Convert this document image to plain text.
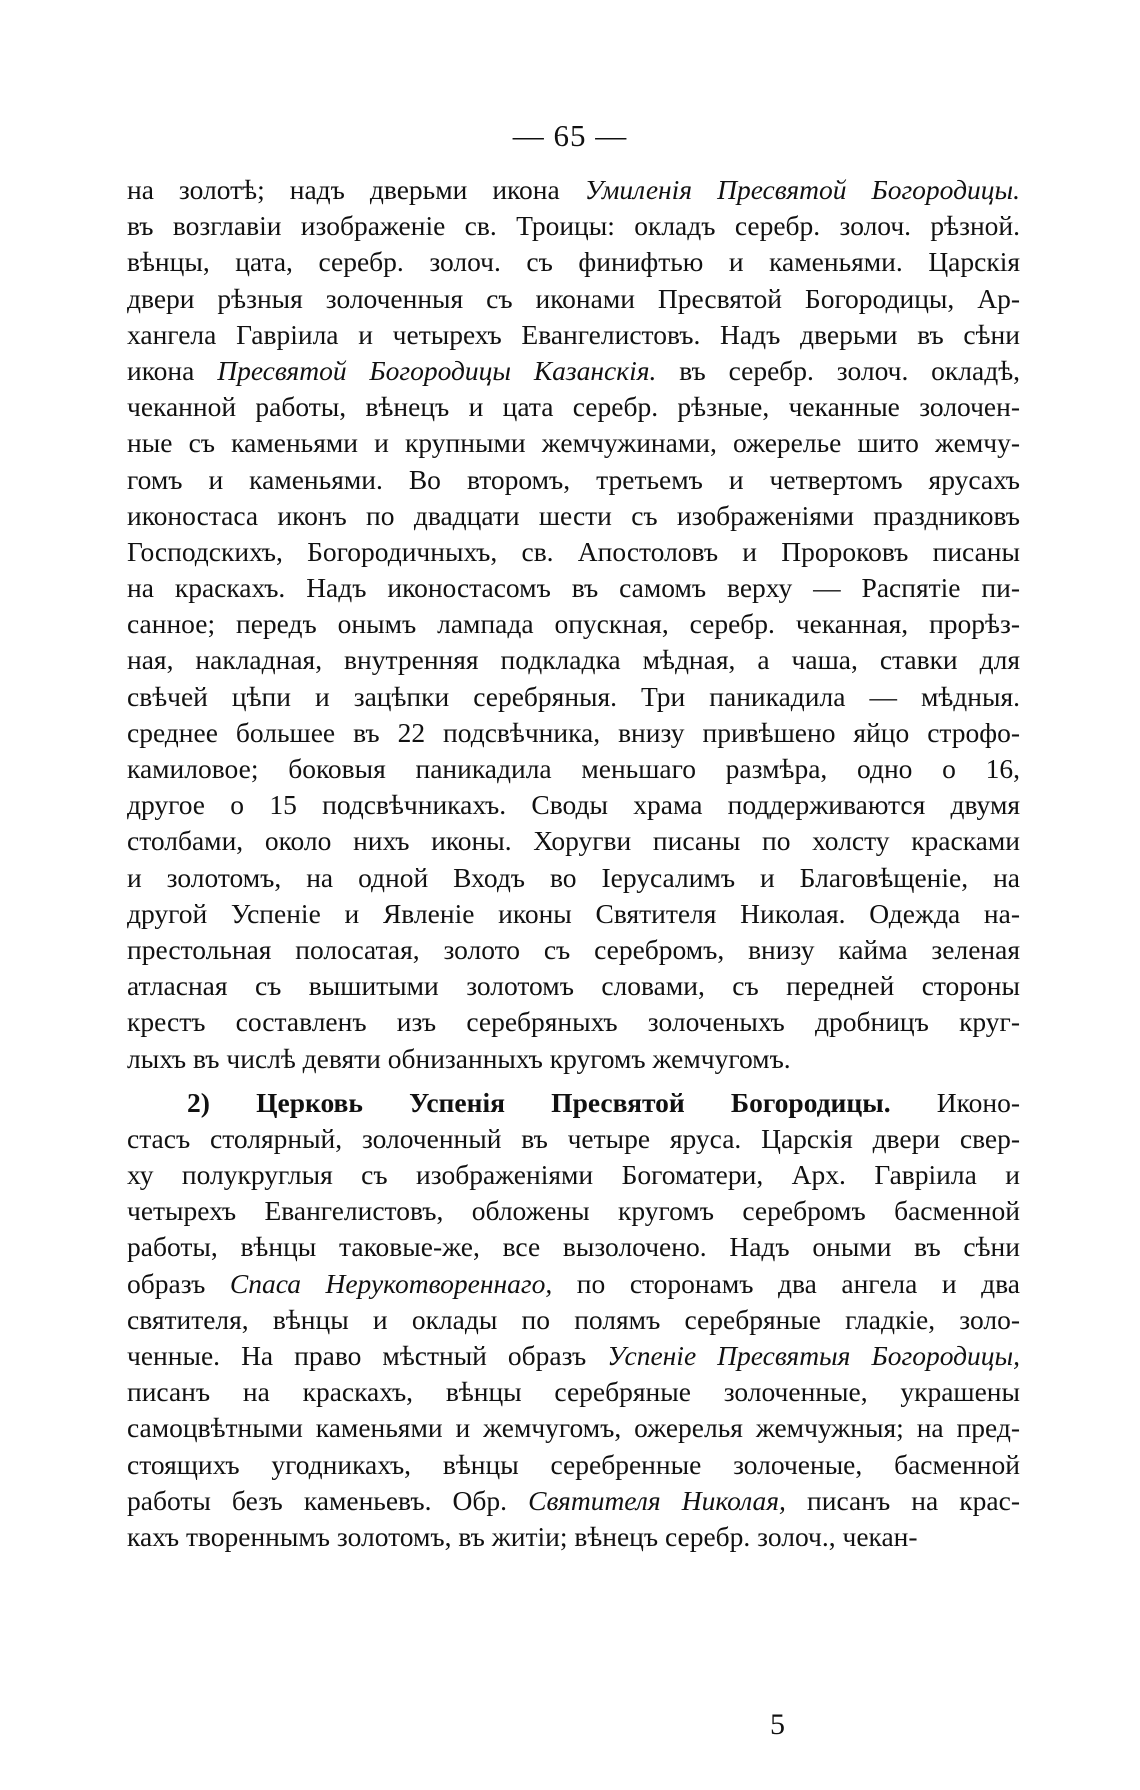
— 65 —
на золотѣ; надъ дверьми икона Умиленія Пресвятой Богородицы.
въ возглавіи изображеніе св. Троицы: окладъ серебр. золоч. рѣзной.
вѣнцы, цата, серебр. золоч. съ финифтью и каменьями. Царскія
двери рѣзныя золоченныя съ иконами Пресвятой Богородицы, Ар-
хангела Гавріила и четырехъ Евангелистовъ. Надъ дверьми въ сѣни
икона Пресвятой Богородицы Казанскія. въ серебр. золоч. окладѣ,
чеканной работы, вѣнецъ и цата серебр. рѣзные, чеканные золочен-
ные съ каменьями и крупными жемчужинами, ожерелье шито жемчу-
гомъ и каменьями. Во второмъ, третьемъ и четвертомъ ярусахъ
иконостаса иконъ по двадцати шести съ изображеніями праздниковъ
Господскихъ, Богородичныхъ, св. Апостоловъ и Пророковъ писаны
на краскахъ. Надъ иконостасомъ въ самомъ верху — Распятіе пи-
санное; передъ онымъ лампада опускная, серебр. чеканная, прорѣз-
ная, накладная, внутренняя подкладка мѣдная, а чаша, ставки для
свѣчей цѣпи и зацѣпки серебряныя. Три паникадила — мѣдныя.
среднее большее въ 22 подсвѣчника, внизу привѣшено яйцо строфо-
камиловое; боковыя паникадила меньшаго размѣра, одно о 16,
другое о 15 подсвѣчникахъ. Своды храма поддерживаются двумя
столбами, около нихъ иконы. Хоругви писаны по холсту красками
и золотомъ, на одной Входъ во Іерусалимъ и Благовѣщеніе, на
другой Успеніе и Явленіе иконы Святителя Николая. Одежда на-
престольная полосатая, золото съ серебромъ, внизу кайма зеленая
атласная съ вышитыми золотомъ словами, съ передней стороны
крестъ составленъ изъ серебряныхъ золоченыхъ дробницъ круг-
лыхъ въ числѣ девяти обнизанныхъ кругомъ жемчугомъ.
2) Церковь Успенія Пресвятой Богородицы. Иконо-
стасъ столярный, золоченный въ четыре яруса. Царскія двери свер-
ху полукруглыя съ изображеніями Богоматери, Арх. Гавріила и
четырехъ Евангелистовъ, обложены кругомъ серебромъ басменной
работы, вѣнцы таковые-же, все вызолочено. Надъ оными въ сѣни
образъ Спаса Нерукотвореннаго, по сторонамъ два ангела и два
святителя, вѣнцы и оклады по полямъ серебряные гладкіе, золо-
ченные. На право мѣстный образъ Успеніе Пресвятыя Богородицы,
писанъ на краскахъ, вѣнцы серебряные золоченные, украшены
самоцвѣтными каменьями и жемчугомъ, ожерелья жемчужныя; на пред-
стоящихъ угодникахъ, вѣнцы серебренные золоченые, басменной
работы безъ каменьевъ. Обр. Святителя Николая, писанъ на крас-
кахъ твореннымъ золотомъ, въ житіи; вѣнецъ серебр. золоч., чекан-
5
